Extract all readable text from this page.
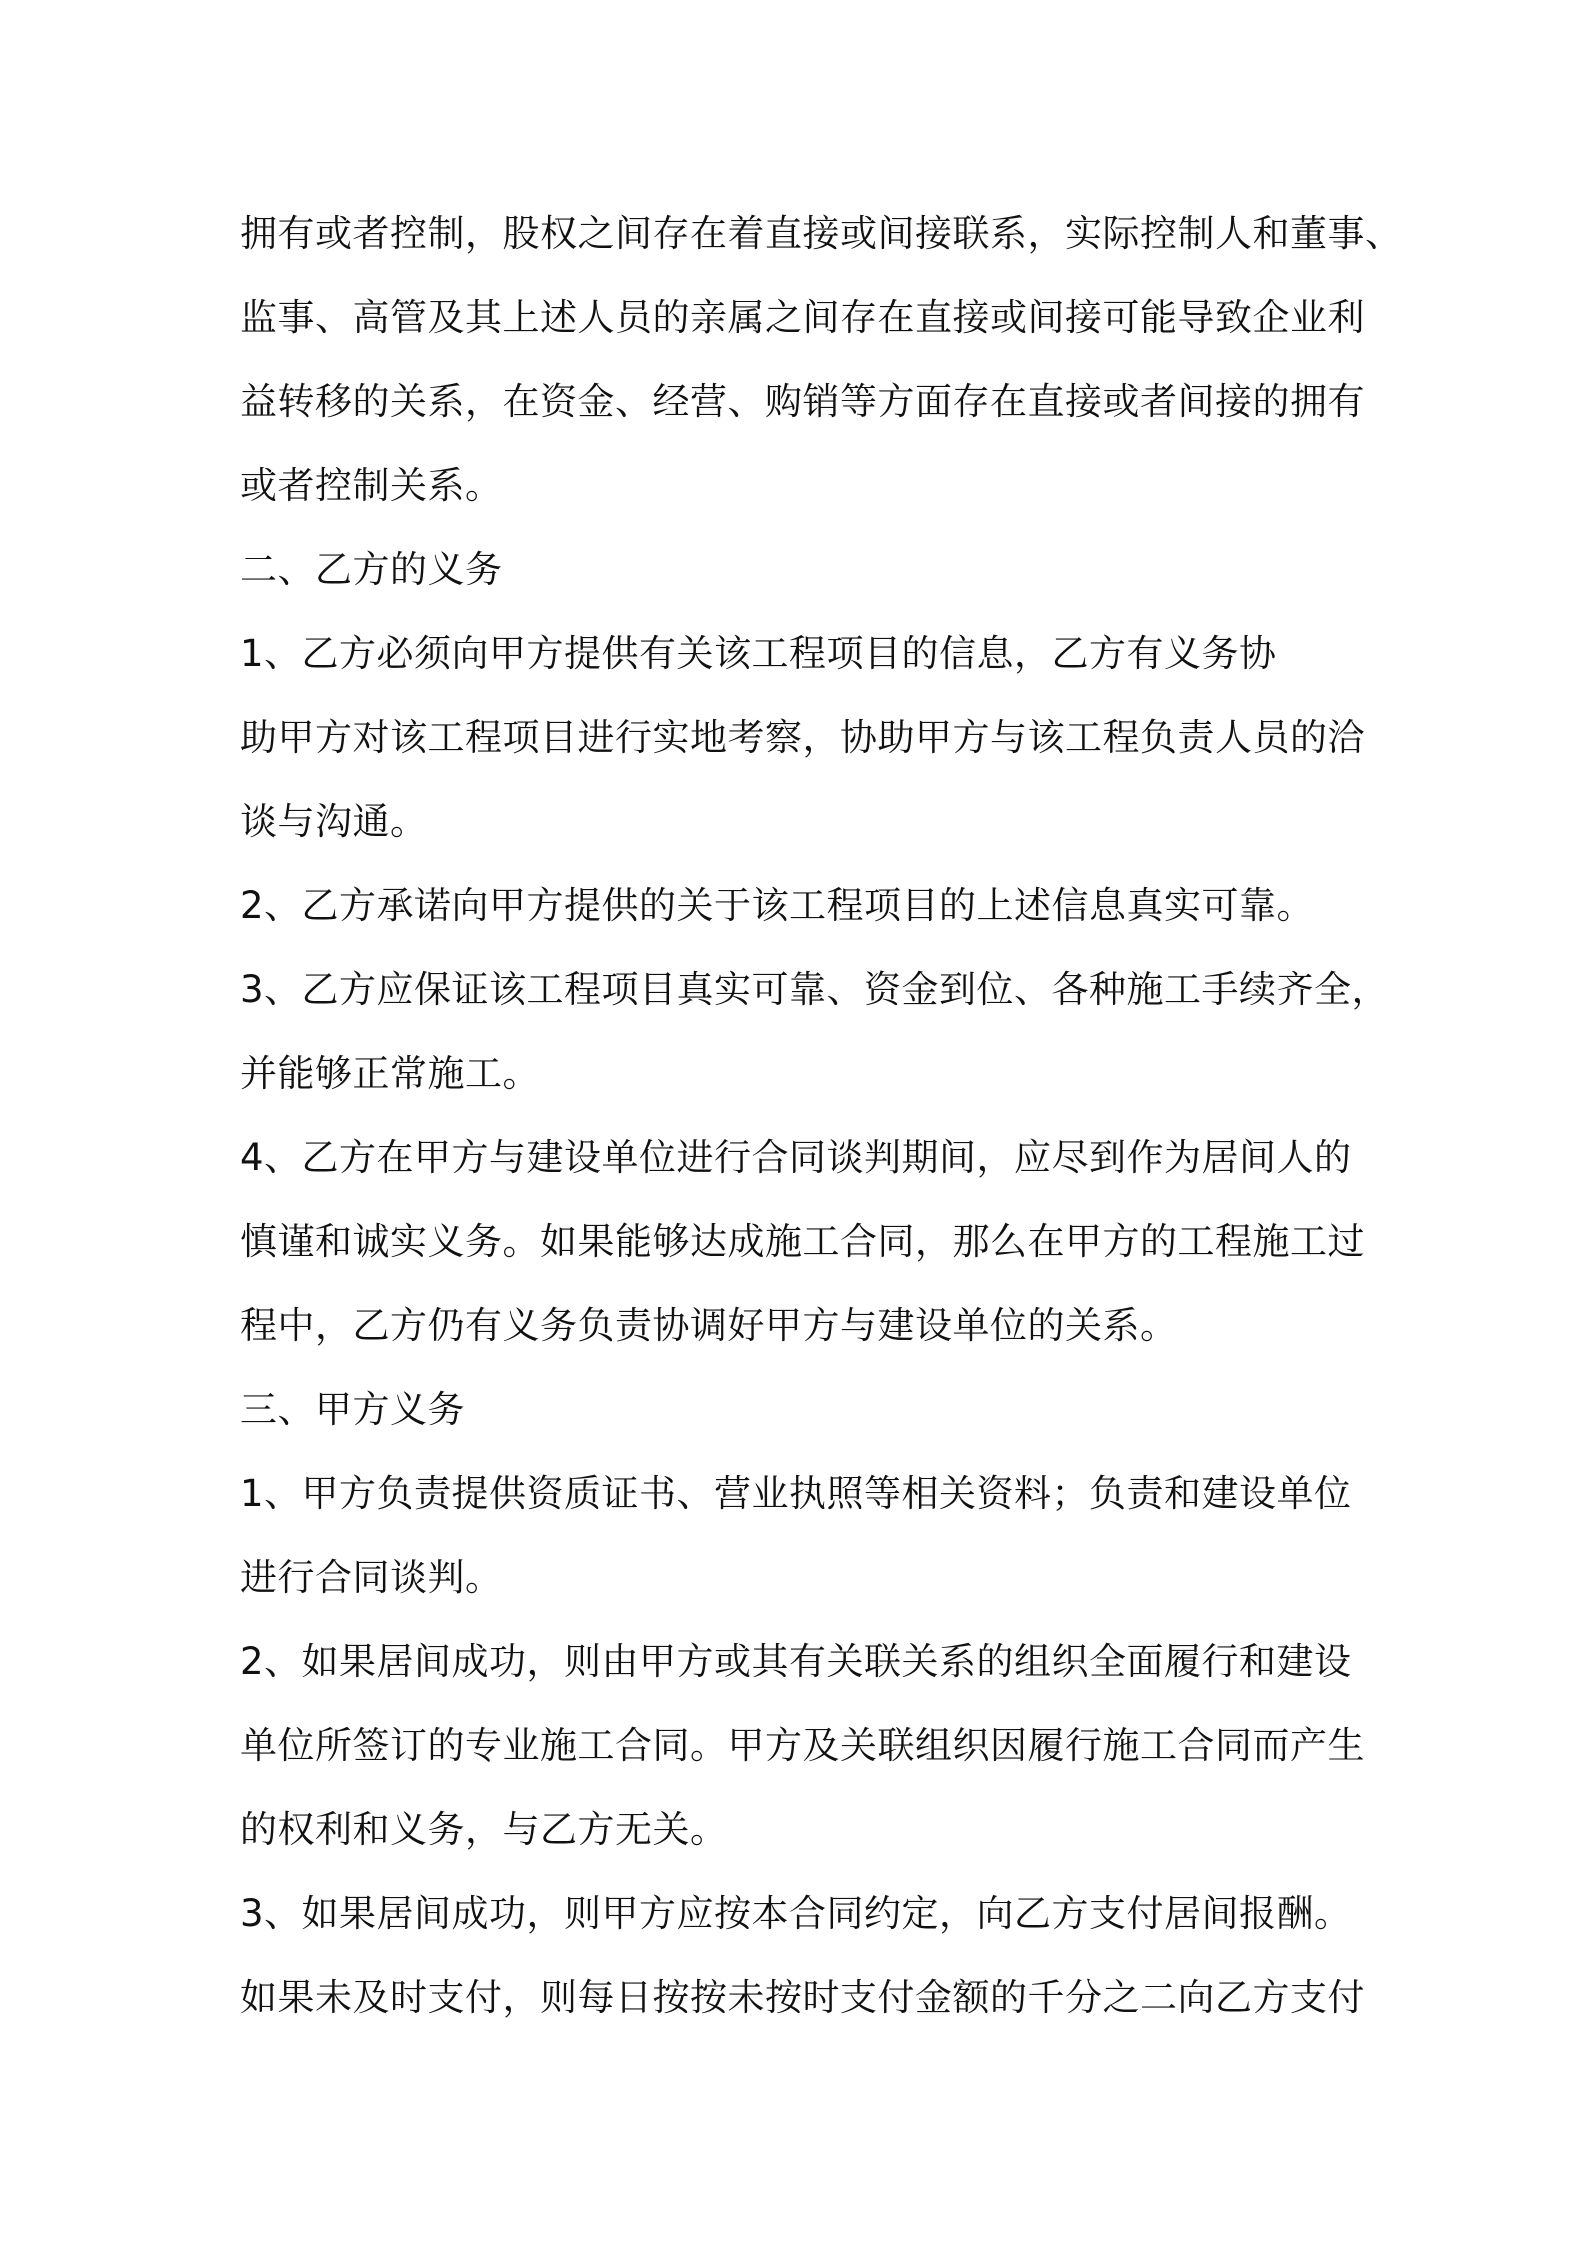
拥有或者控制，股权之间存在着直接或间接联系，实际控制人和董事、
监事、高管及其上述人员的亲属之间存在直接或间接可能导致企业利
益转移的关系，在资金、经营、购销等方面存在直接或者间接的拥有
或者控制关系。
二、乙方的义务
1、乙方必须向甲方提供有关该工程项目的信息，乙方有义务协
助甲方对该工程项目进行实地考察，协助甲方与该工程负责人员的洽
谈与沟通。
2、乙方承诺向甲方提供的关于该工程项目的上述信息真实可靠。
3、乙方应保证该工程项目真实可靠、资金到位、各种施工手续齐全，
并能够正常施工。
4、乙方在甲方与建设单位进行合同谈判期间，应尽到作为居间人的
慎谨和诚实义务。如果能够达成施工合同，那么在甲方的工程施工过
程中，乙方仍有义务负责协调好甲方与建设单位的关系。
三、甲方义务
1、甲方负责提供资质证书、营业执照等相关资料；负责和建设单位
进行合同谈判。
2、如果居间成功，则由甲方或其有关联关系的组织全面履行和建设
单位所签订的专业施工合同。甲方及关联组织因履行施工合同而产生
的权利和义务，与乙方无关。
3、如果居间成功，则甲方应按本合同约定，向乙方支付居间报酬。
如果未及时支付，则每日按按未按时支付金额的千分之二向乙方支付
